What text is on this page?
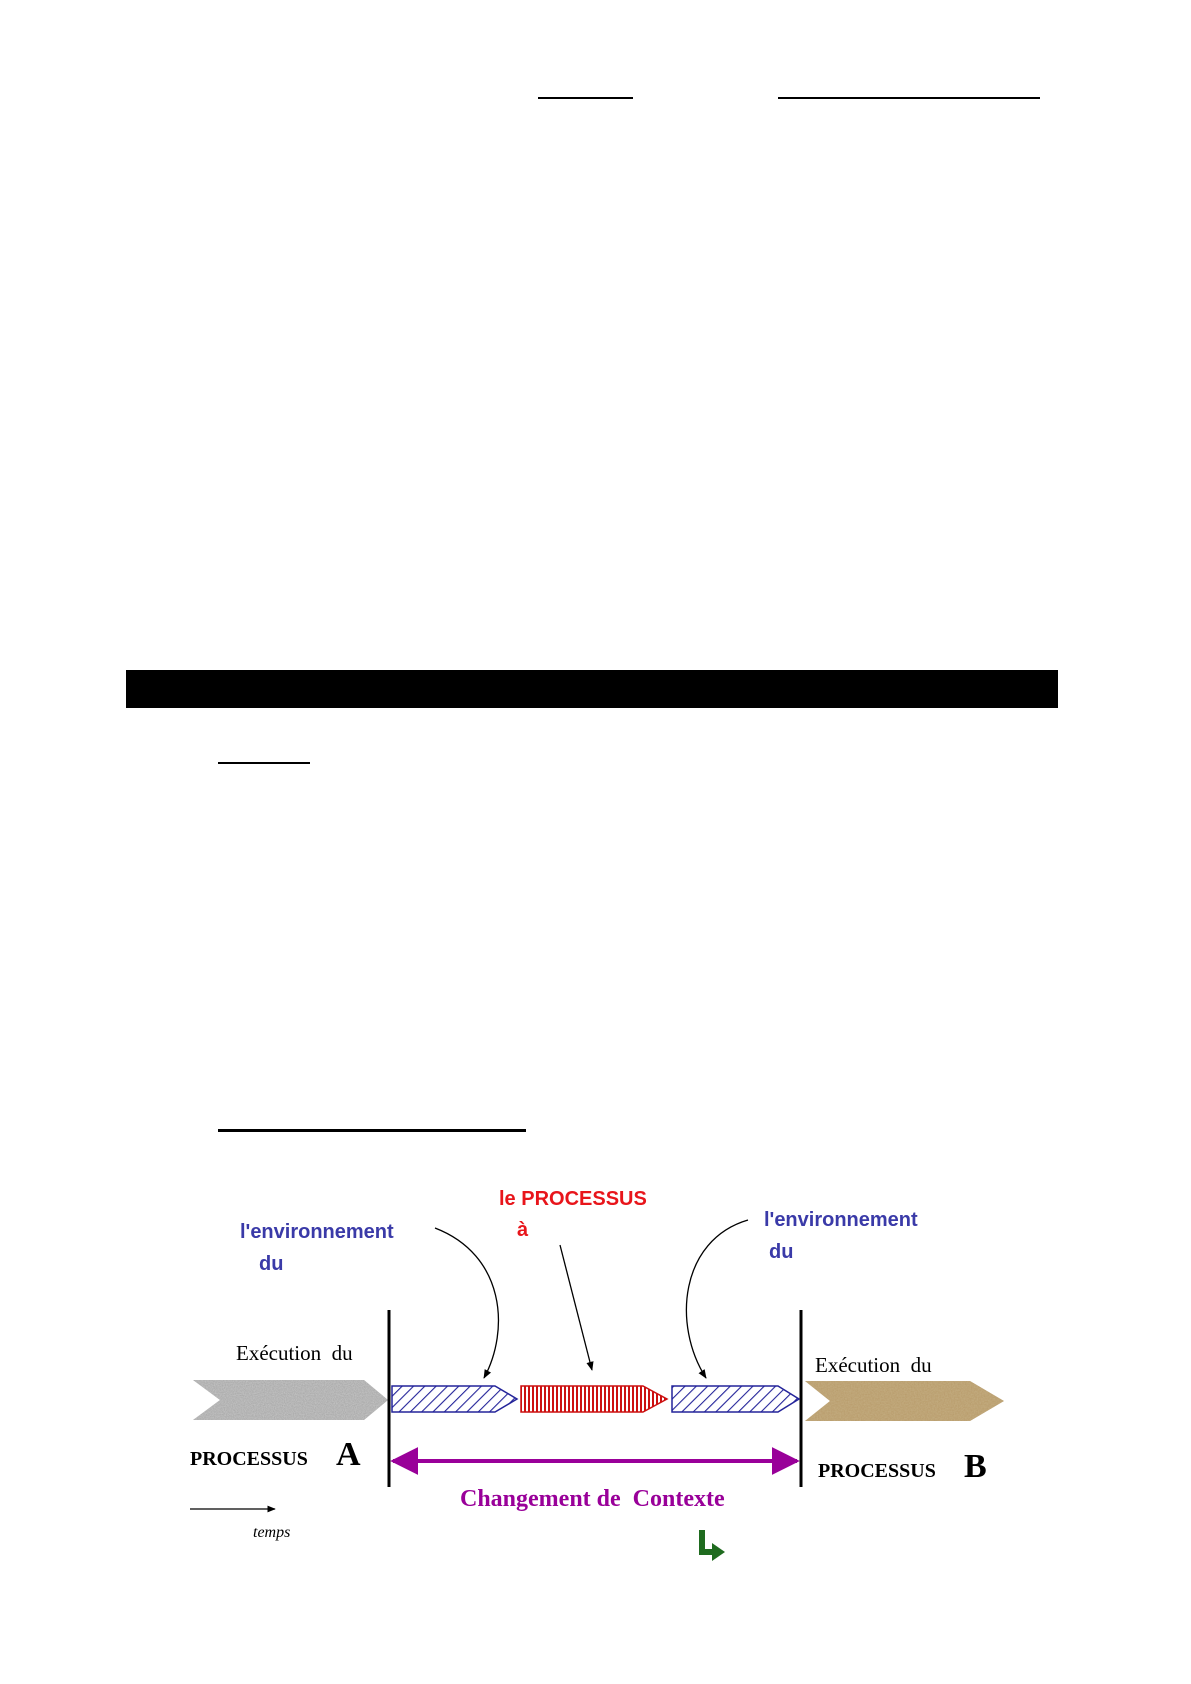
l'environnement
du
le PROCESSUS
à	l'environnement
du
Exécution  du	Exécution  du
PROCESSUS A	PROCESSUS B
Changement de  Contexte
temps
